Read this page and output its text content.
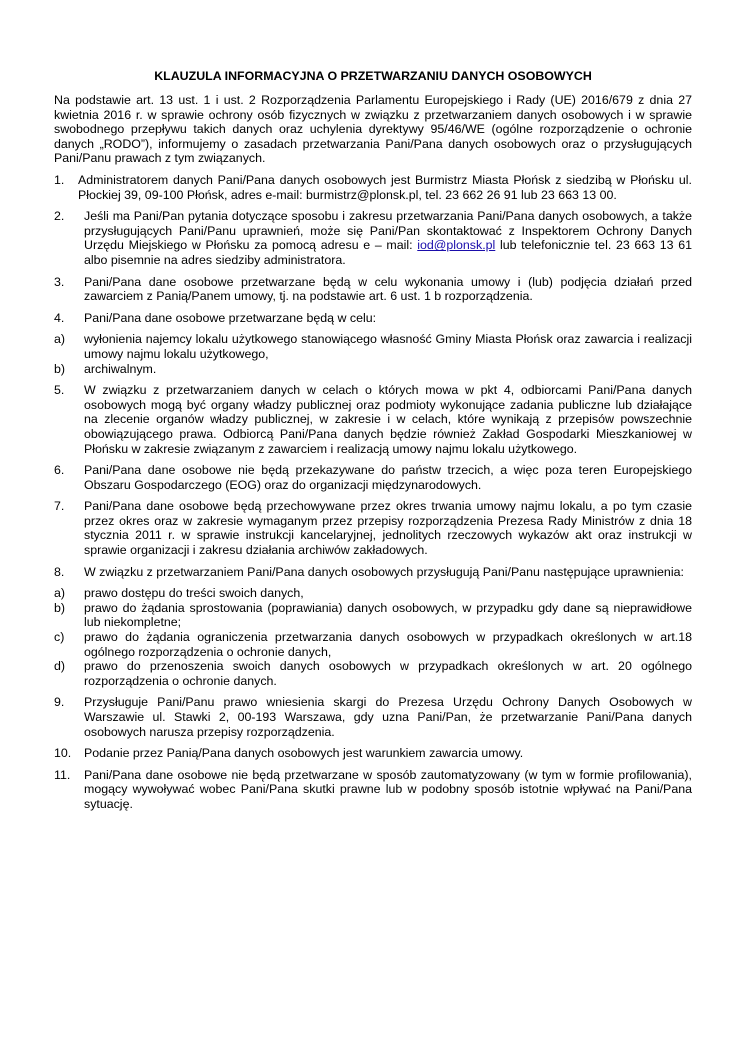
KLAUZULA INFORMACYJNA O PRZETWARZANIU DANYCH OSOBOWYCH
Na podstawie art. 13 ust. 1 i ust. 2 Rozporządzenia Parlamentu Europejskiego i Rady (UE) 2016/679 z dnia 27 kwietnia 2016 r. w sprawie ochrony osób fizycznych w związku z przetwarzaniem danych osobowych i w sprawie swobodnego przepływu takich danych oraz uchylenia dyrektywy 95/46/WE (ogólne rozporządzenie o ochronie danych „RODO”), informujemy o zasadach przetwarzania Pani/Pana danych osobowych oraz o przysługujących Pani/Panu prawach z tym związanych.
1. Administratorem danych Pani/Pana danych osobowych jest Burmistrz Miasta Płońsk z siedzibą w Płońsku ul. Płockiej 39, 09-100 Płońsk, adres e-mail: burmistrz@plonsk.pl, tel. 23 662 26 91 lub 23 663 13 00.
2. Jeśli ma Pani/Pan pytania dotyczące sposobu i zakresu przetwarzania Pani/Pana danych osobowych, a także przysługujących Pani/Panu uprawnień, może się Pani/Pan skontaktować z Inspektorem Ochrony Danych Urzędu Miejskiego w Płońsku za pomocą adresu e – mail: iod@plonsk.pl lub telefonicznie tel. 23 663 13 61 albo pisemnie na adres siedziby administratora.
3. Pani/Pana dane osobowe przetwarzane będą w celu wykonania umowy i (lub) podjęcia działań przed zawarciem z Panią/Panem umowy, tj. na podstawie art. 6 ust. 1 b rozporządzenia.
4. Pani/Pana dane osobowe przetwarzane będą w celu:
a) wyłonienia najemcy lokalu użytkowego stanowiącego własność Gminy Miasta Płońsk oraz zawarcia i realizacji umowy najmu lokalu użytkowego,
b) archiwalnym.
5. W związku z przetwarzaniem danych w celach o których mowa w pkt 4, odbiorcami Pani/Pana danych osobowych mogą być organy władzy publicznej oraz podmioty wykonujące zadania publiczne lub działające na zlecenie organów władzy publicznej, w zakresie i w celach, które wynikają z przepisów powszechnie obowiązującego prawa. Odbiorcą Pani/Pana danych będzie również Zakład Gospodarki Mieszkaniowej w Płońsku w zakresie związanym z zawarciem i realizacją umowy najmu lokalu użytkowego.
6. Pani/Pana dane osobowe nie będą przekazywane do państw trzecich, a więc poza teren Europejskiego Obszaru Gospodarczego (EOG) oraz do organizacji międzynarodowych.
7. Pani/Pana dane osobowe będą przechowywane przez okres trwania umowy najmu lokalu, a po tym czasie przez okres oraz w zakresie wymaganym przez przepisy rozporządzenia Prezesa Rady Ministrów z dnia 18 stycznia 2011 r. w sprawie instrukcji kancelaryjnej, jednolitych rzeczowych wykazów akt oraz instrukcji w sprawie organizacji i zakresu działania archiwów zakładowych.
8. W związku z przetwarzaniem Pani/Pana danych osobowych przysługują Pani/Panu następujące uprawnienia:
a) prawo dostępu do treści swoich danych,
b) prawo do żądania sprostowania (poprawiania) danych osobowych, w przypadku gdy dane są nieprawidłowe lub niekompletne;
c) prawo do żądania ograniczenia przetwarzania danych osobowych w przypadkach określonych w art.18 ogólnego rozporządzenia o ochronie danych,
d) prawo do przenoszenia swoich danych osobowych w przypadkach określonych w art. 20 ogólnego rozporządzenia o ochronie danych.
9. Przysługuje Pani/Panu prawo wniesienia skargi do Prezesa Urzędu Ochrony Danych Osobowych w Warszawie ul. Stawki 2, 00-193 Warszawa, gdy uzna Pani/Pan, że przetwarzanie Pani/Pana danych osobowych narusza przepisy rozporządzenia.
10. Podanie przez Panią/Pana danych osobowych jest warunkiem zawarcia umowy.
11. Pani/Pana dane osobowe nie będą przetwarzane w sposób zautomatyzowany (w tym w formie profilowania), mogący wywoływać wobec Pani/Pana skutki prawne lub w podobny sposób istotnie wpływać na Pani/Pana sytuację.
